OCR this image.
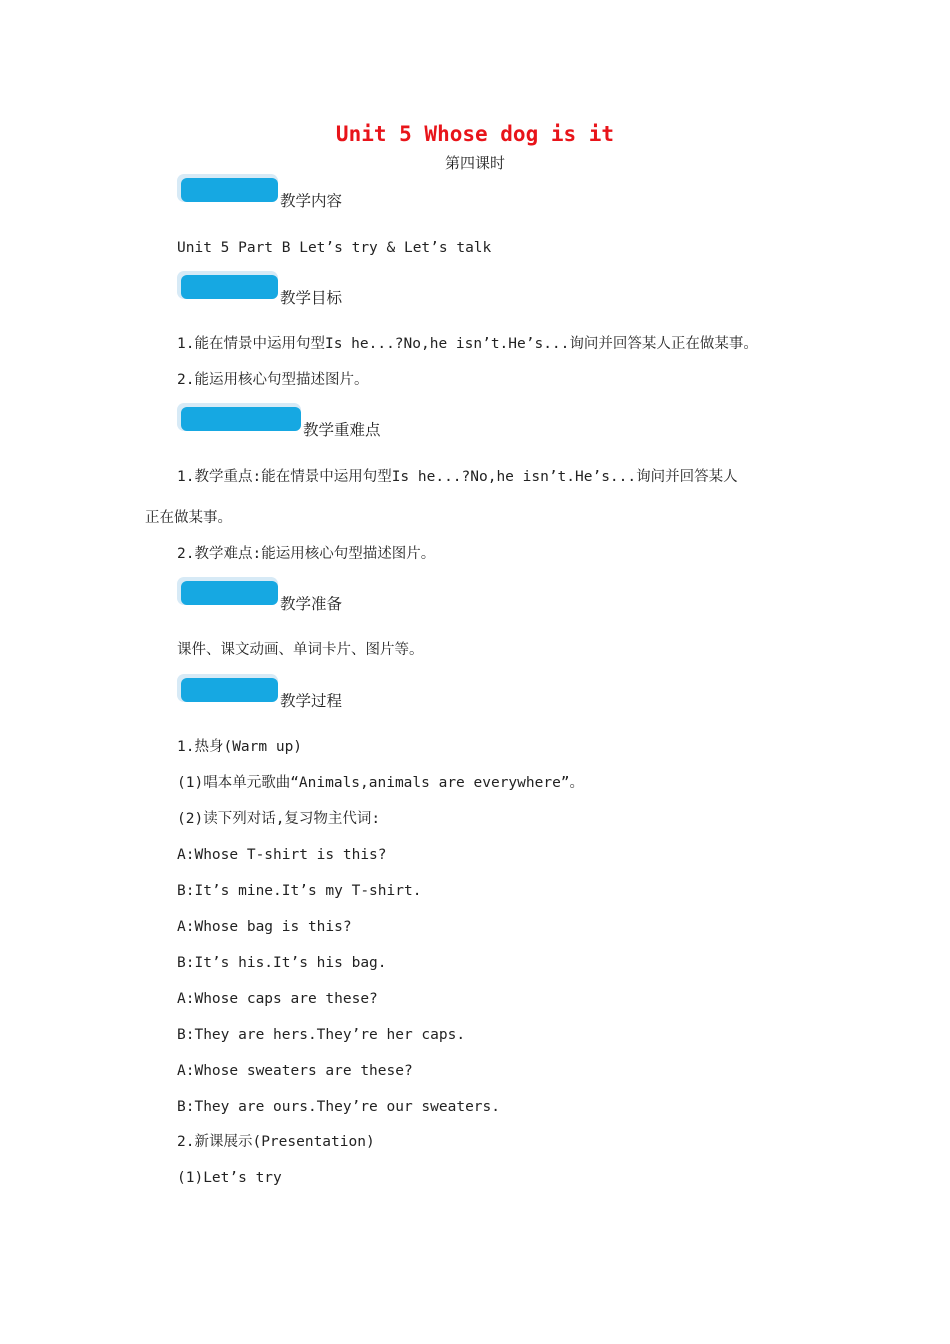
Unit 5 Whose dog is it
第四课时
教学内容
Unit 5 Part B Let’s try & Let’s talk
教学目标
1.能在情景中运用句型Is he...?No,he isn’t.He’s...询问并回答某人正在做某事。
2.能运用核心句型描述图片。
教学重难点
1.教学重点:能在情景中运用句型Is he...?No,he isn’t.He’s...询问并回答某人
正在做某事。
2.教学难点:能运用核心句型描述图片。
教学准备
课件、课文动画、单词卡片、图片等。
教学过程
1.热身(Warm up)
(1)唱本单元歌曲“Animals,animals are everywhere”。
(2)读下列对话,复习物主代词:
A:Whose T-shirt is this?
B:It’s mine.It’s my T-shirt.
A:Whose bag is this?
B:It’s his.It’s his bag.
A:Whose caps are these?
B:They are hers.They’re her caps.
A:Whose sweaters are these?
B:They are ours.They’re our sweaters.
2.新课展示(Presentation)
(1)Let’s try
